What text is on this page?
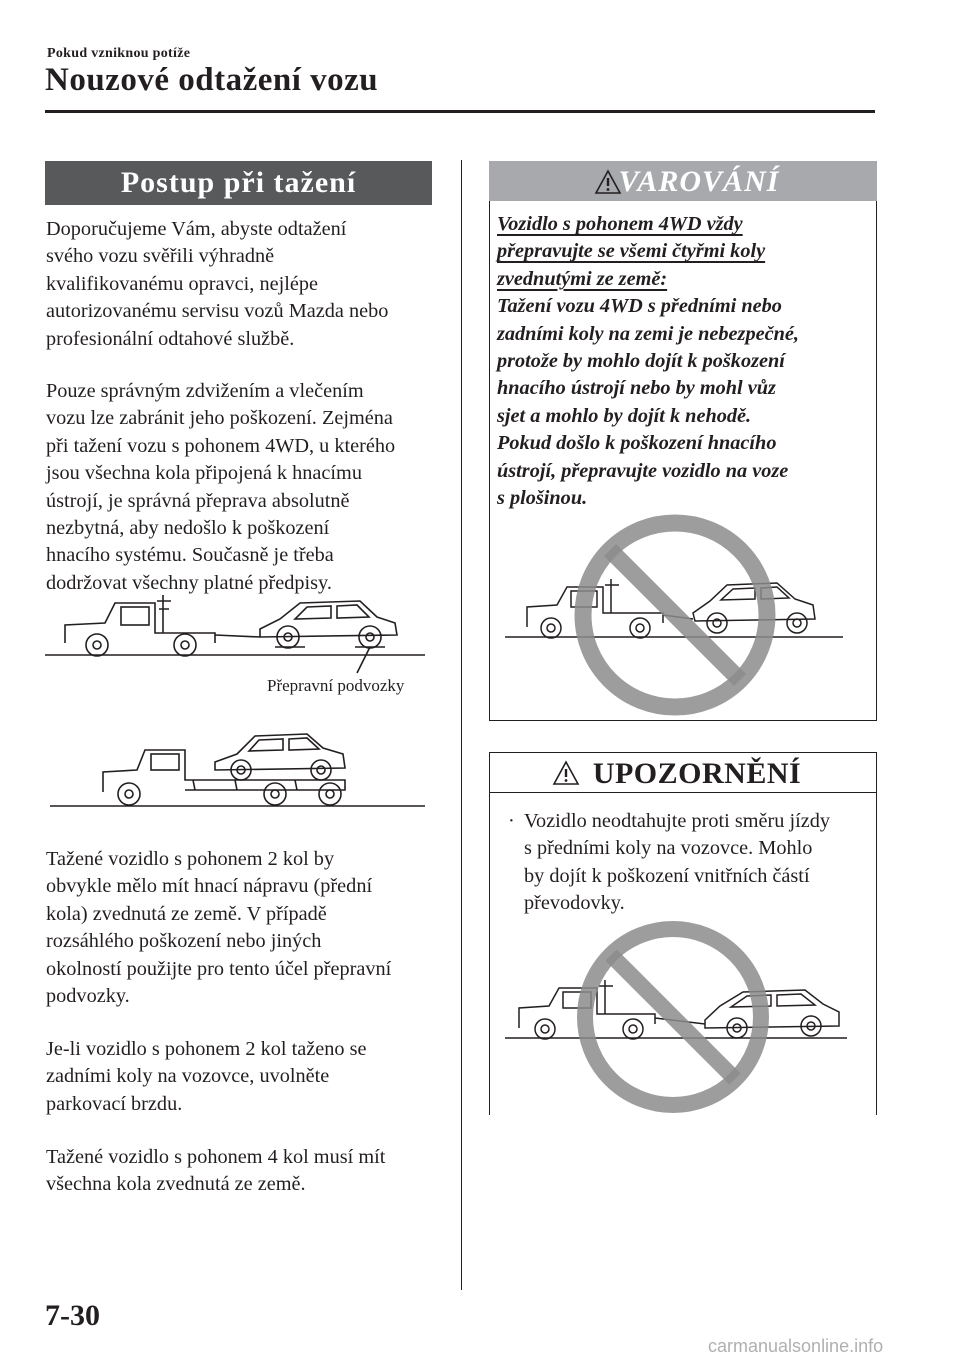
Pokud vzniknou potíže
Nouzové odtažení vozu
Postup při tažení
Doporučujeme Vám, abyste odtažení
svého vozu svěřili výhradně
kvalifikovanému opravci, nejlépe
autorizovanému servisu vozů Mazda nebo
profesionální odtahové službě.
Pouze správným zdvižením a vlečením
vozu lze zabránit jeho poškození. Zejména
při tažení vozu s pohonem 4WD, u kterého
jsou všechna kola připojená k hnacímu
ústrojí, je správná přeprava absolutně
nezbytná, aby nedošlo k poškození
hnacího systému. Současně je třeba
dodržovat všechny platné předpisy.
Přepravní podvozky
Tažené vozidlo s pohonem 2 kol by
obvykle mělo mít hnací nápravu (přední
kola) zvednutá ze země. V případě
rozsáhlého poškození nebo jiných
okolností použijte pro tento účel přepravní
podvozky.
Je-li vozidlo s pohonem 2 kol taženo se
zadními koly na vozovce, uvolněte
parkovací brzdu.
Tažené vozidlo s pohonem 4 kol musí mít
všechna kola zvednutá ze země.
VAROVÁNÍ
Vozidlo s pohonem 4WD vždy
přepravujte se všemi čtyřmi koly
zvednutými ze země:
Tažení vozu 4WD s předními nebo
zadními koly na zemi je nebezpečné,
protože by mohlo dojít k poškození
hnacího ústrojí nebo by mohl vůz
sjet a mohlo by dojít k nehodě.
Pokud došlo k poškození hnacího
ústrojí, přepravujte vozidlo na voze
s plošinou.
UPOZORNĚNÍ
· Vozidlo neodtahujte proti směru jízdy
s předními koly na vozovce. Mohlo
by dojít k poškození vnitřních částí
převodovky.
7-30
carmanualsonline.info
